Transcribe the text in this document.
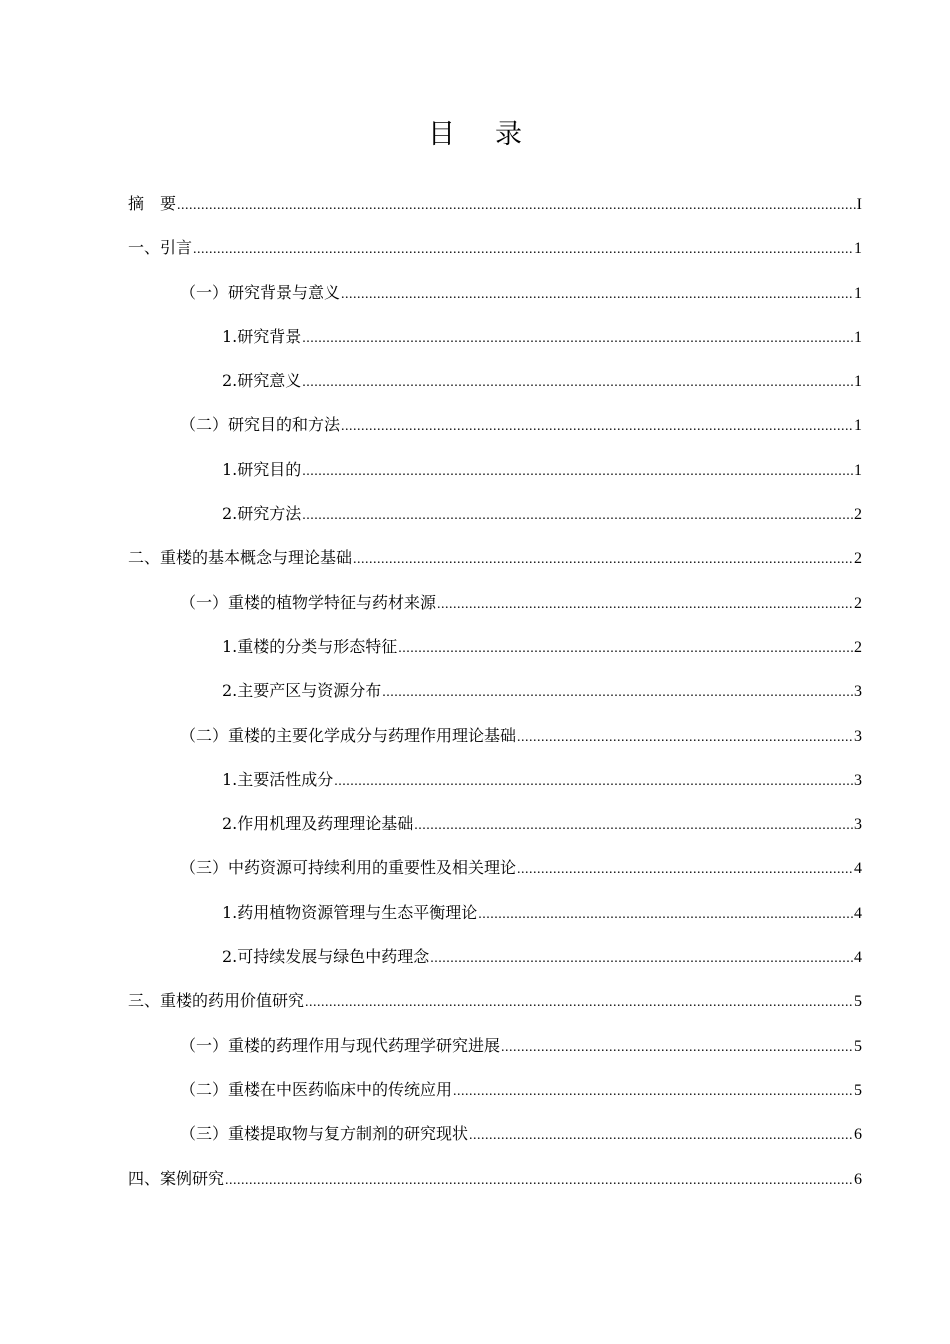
目录
摘　要 .....	I
一、引言 .....	1
（一）研究背景与意义 .....	1
1.研究背景 .....	1
2.研究意义 .....	1
（二）研究目的和方法 .....	1
1.研究目的 .....	1
2.研究方法 .....	2
二、重楼的基本概念与理论基础 .....	2
（一）重楼的植物学特征与药材来源 .....	2
1.重楼的分类与形态特征 .....	2
2.主要产区与资源分布 .....	3
（二）重楼的主要化学成分与药理作用理论基础 .....	3
1.主要活性成分 .....	3
2.作用机理及药理理论基础 .....	3
（三）中药资源可持续利用的重要性及相关理论 .....	4
1.药用植物资源管理与生态平衡理论 .....	4
2.可持续发展与绿色中药理念 .....	4
三、重楼的药用价值研究 .....	5
（一）重楼的药理作用与现代药理学研究进展 .....	5
（二）重楼在中医药临床中的传统应用 .....	5
（三）重楼提取物与复方制剂的研究现状 .....	6
四、案例研究 .....	6
